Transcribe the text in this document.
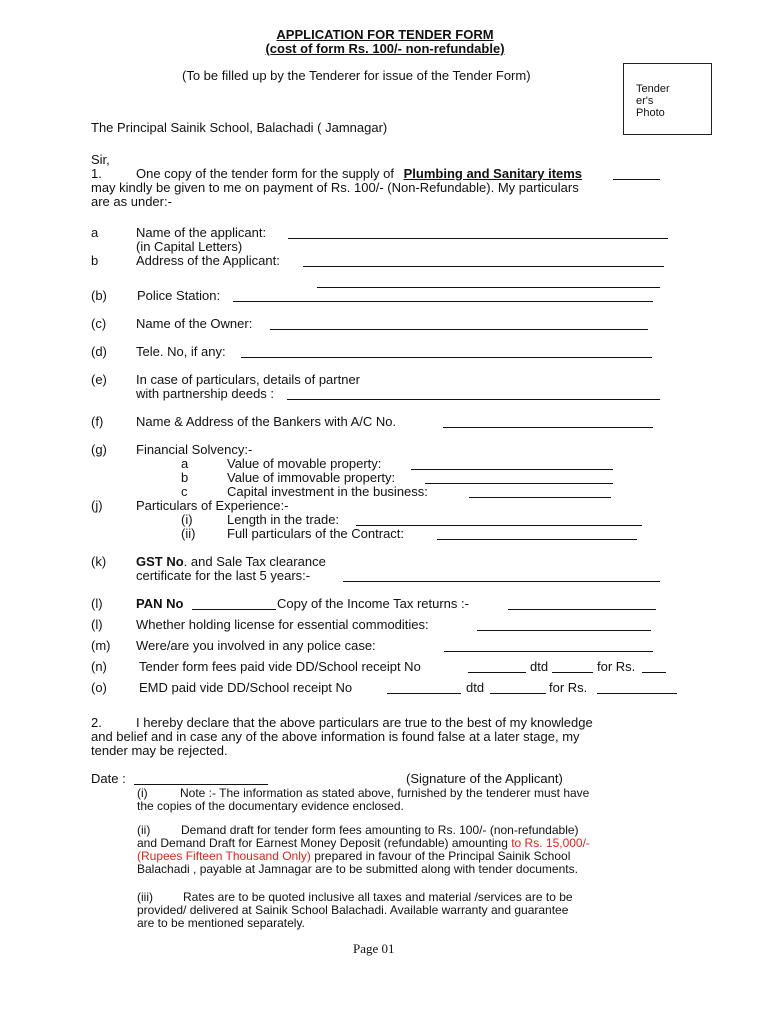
APPLICATION FOR TENDER FORM
(cost of form Rs. 100/- non-refundable)
(To be filled up by the Tenderer for issue of the Tender Form)
Tender
er's
Photo
The Principal Sainik School, Balachadi ( Jamnagar)
Sir,
1.	One copy of the tender form for the supply of Plumbing and Sanitary items
may kindly be given to me on payment of Rs. 100/- (Non-Refundable). My particulars
are as under:-
a	Name of the applicant:
(in Capital Letters)
b	Address of the Applicant:
(b) Police Station:
(c) Name of the Owner:
(d) Tele. No, if any:
(e) In case of particulars, details of partner
with partnership deeds :
(f)	Name & Address of the Bankers with A/C No.
(g) Financial Solvency:-
a	Value of movable property:
b	Value of immovable property:
c	Capital investment in the business:
(j)	Particulars of Experience:-
(i)	Length in the trade:
(ii) Full particulars of the Contract:
(k) GST No. and Sale Tax clearance
certificate for the last 5 years:-
(l)	PAN No	Copy of the Income Tax returns :-
(l)	Whether holding license for essential commodities:
(m) Were/are you involved in any police case:
(n) Tender form fees paid vide DD/School receipt No	dtd	for Rs.
(o) EMD paid vide DD/School receipt No	dtd	for Rs.
2.	I hereby declare that the above particulars are true to the best of my knowledge
and belief and in case any of the above information is found false at a later stage, my
tender may be rejected.
Date :	(Signature of the Applicant)
(i)	Note :- The information as stated above, furnished by the tenderer must have
the copies of the documentary evidence enclosed.
(ii)	Demand draft for tender form fees amounting to Rs. 100/- (non-refundable)
and Demand Draft for Earnest Money Deposit (refundable) amounting to Rs. 15,000/-
(Rupees Fifteen Thousand Only) prepared in favour of the Principal Sainik School
Balachadi , payable at Jamnagar are to be submitted along with tender documents.
(iii)	Rates are to be quoted inclusive all taxes and material /services are to be
provided/ delivered at Sainik School Balachadi. Available warranty and guarantee
are to be mentioned separately.
Page 01
